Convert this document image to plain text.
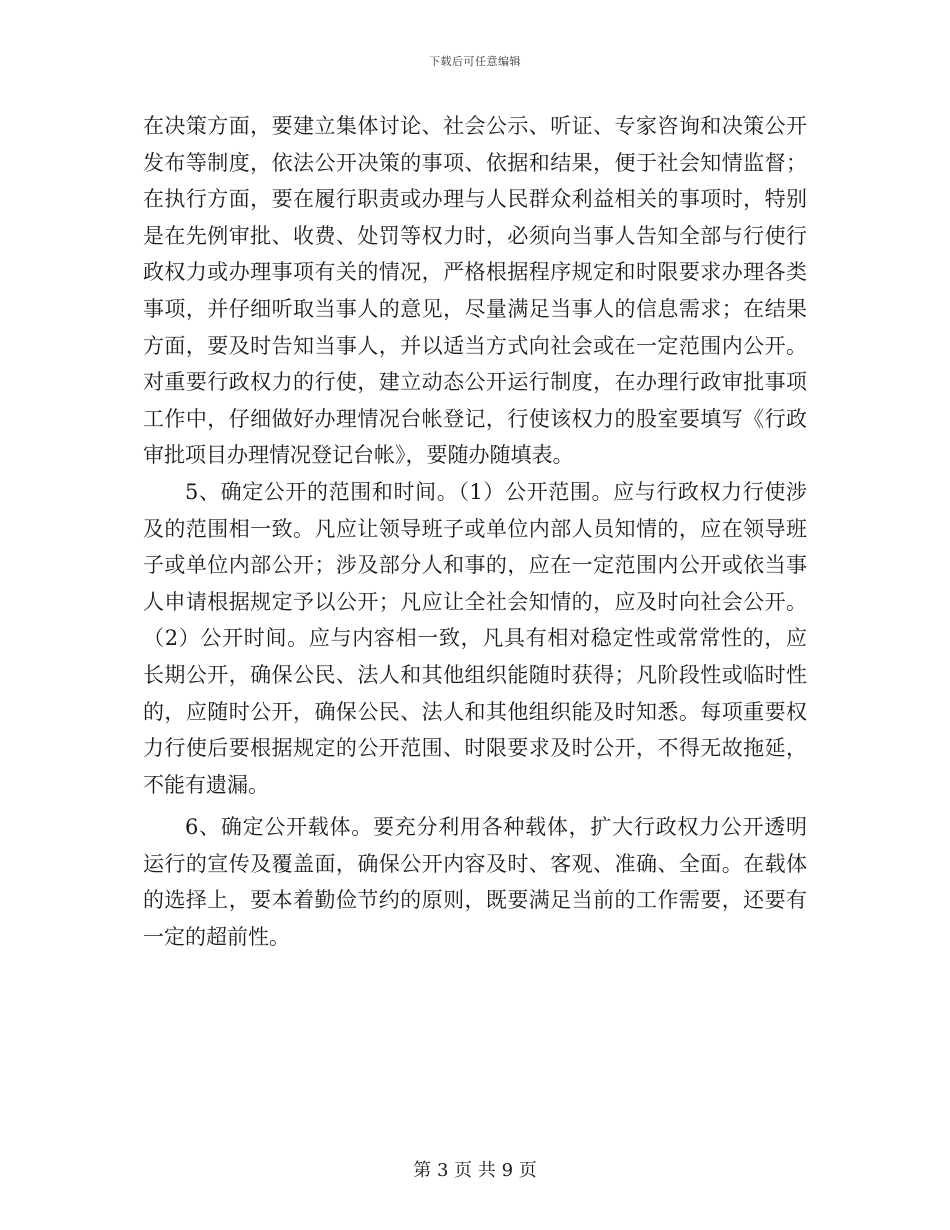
下载后可任意编辑

在决策方面，要建立集体讨论、社会公示、听证、专家咨询和决策公开发布等制度，依法公开决策的事项、依据和结果，便于社会知情监督；在执行方面，要在履行职责或办理与人民群众利益相关的事项时，特别是在先例审批、收费、处罚等权力时，必须向当事人告知全部与行使行政权力或办理事项有关的情况，严格根据程序规定和时限要求办理各类事项，并仔细听取当事人的意见，尽量满足当事人的信息需求；在结果方面，要及时告知当事人，并以适当方式向社会或在一定范围内公开。对重要行政权力的行使，建立动态公开运行制度，在办理行政审批事项工作中，仔细做好办理情况台帐登记，行使该权力的股室要填写《行政审批项目办理情况登记台帐》，要随办随填表。

5、确定公开的范围和时间。（1）公开范围。应与行政权力行使涉及的范围相一致。凡应让领导班子或单位内部人员知情的，应在领导班子或单位内部公开；涉及部分人和事的，应在一定范围内公开或依当事人申请根据规定予以公开；凡应让全社会知情的，应及时向社会公开。（2）公开时间。应与内容相一致，凡具有相对稳定性或常常性的，应长期公开，确保公民、法人和其他组织能随时获得；凡阶段性或临时性的，应随时公开，确保公民、法人和其他组织能及时知悉。每项重要权力行使后要根据规定的公开范围、时限要求及时公开，不得无故拖延，不能有遗漏。

6、确定公开载体。要充分利用各种载体，扩大行政权力公开透明运行的宣传及覆盖面，确保公开内容及时、客观、准确、全面。在载体的选择上，要本着勤俭节约的原则，既要满足当前的工作需要，还要有一定的超前性。

第 3 页 共 9 页
